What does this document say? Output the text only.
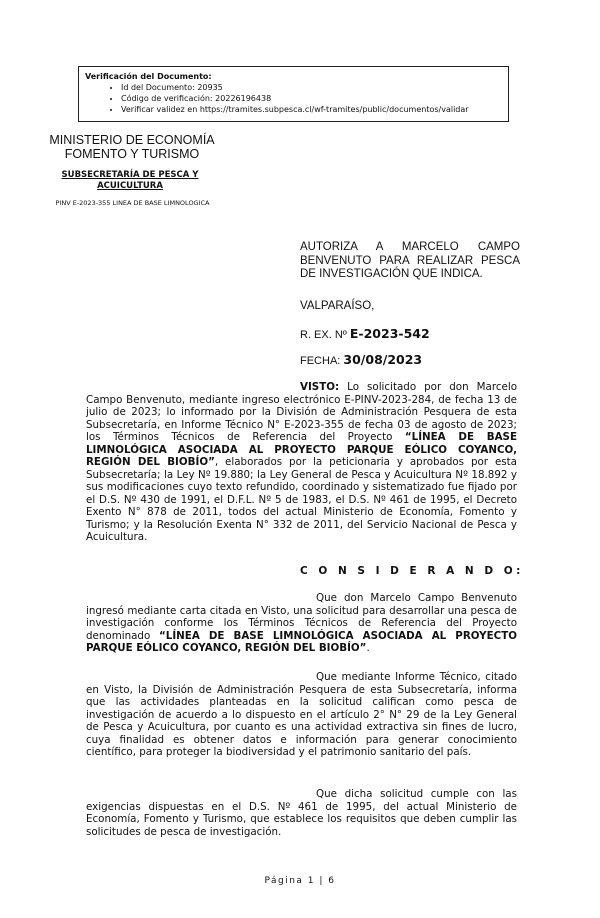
Verificación del Documento:
• Id del Documento: 20935
• Código de verificación: 20226196438
• Verificar validez en https://tramites.subpesca.cl/wf-tramites/public/documentos/validar
MINISTERIO DE ECONOMÍA
FOMENTO Y TURISMO
SUBSECRETARÍA DE PESCA Y ACUICULTURA
PINV E-2023-355 LINEA DE BASE LIMNOLOGICA
AUTORIZA A MARCELO CAMPO BENVENUTO PARA REALIZAR PESCA DE INVESTIGACIÓN QUE INDICA.
VALPARAÍSO,
R. EX. Nº E-2023-542
FECHA: 30/08/2023
VISTO: Lo solicitado por don Marcelo Campo Benvenuto, mediante ingreso electrónico E-PINV-2023-284, de fecha 13 de julio de 2023; lo informado por la División de Administración Pesquera de esta Subsecretaría, en Informe Técnico N° E-2023-355 de fecha 03 de agosto de 2023; los Términos Técnicos de Referencia del Proyecto “LÍNEA DE BASE LIMNOLÓGICA ASOCIADA AL PROYECTO PARQUE EÓLICO COYANCO, REGIÓN DEL BIOBÍO”, elaborados por la peticionaria y aprobados por esta Subsecretaría; la Ley Nº 19.880; la Ley General de Pesca y Acuicultura Nº 18.892 y sus modificaciones cuyo texto refundido, coordinado y sistematizado fue fijado por el D.S. Nº 430 de 1991, el D.F.L. Nº 5 de 1983, el D.S. Nº 461 de 1995, el Decreto Exento N° 878 de 2011, todos del actual Ministerio de Economía, Fomento y Turismo; y la Resolución Exenta N° 332 de 2011, del Servicio Nacional de Pesca y Acuicultura.
C O N S I D E R A N D O:
Que don Marcelo Campo Benvenuto ingresó mediante carta citada en Visto, una solicitud para desarrollar una pesca de investigación conforme los Términos Técnicos de Referencia del Proyecto denominado “LÍNEA DE BASE LIMNOLÓGICA ASOCIADA AL PROYECTO PARQUE EÓLICO COYANCO, REGIÓN DEL BIOBÍO”.
Que mediante Informe Técnico, citado en Visto, la División de Administración Pesquera de esta Subsecretaría, informa que las actividades planteadas en la solicitud califican como pesca de investigación de acuerdo a lo dispuesto en el artículo 2° N° 29 de la Ley General de Pesca y Acuicultura, por cuanto es una actividad extractiva sin fines de lucro, cuya finalidad es obtener datos e información para generar conocimiento científico, para proteger la biodiversidad y el patrimonio sanitario del país.
Que dicha solicitud cumple con las exigencias dispuestas en el D.S. Nº 461 de 1995, del actual Ministerio de Economía, Fomento y Turismo, que establece los requisitos que deben cumplir las solicitudes de pesca de investigación.
Página 1 | 6
